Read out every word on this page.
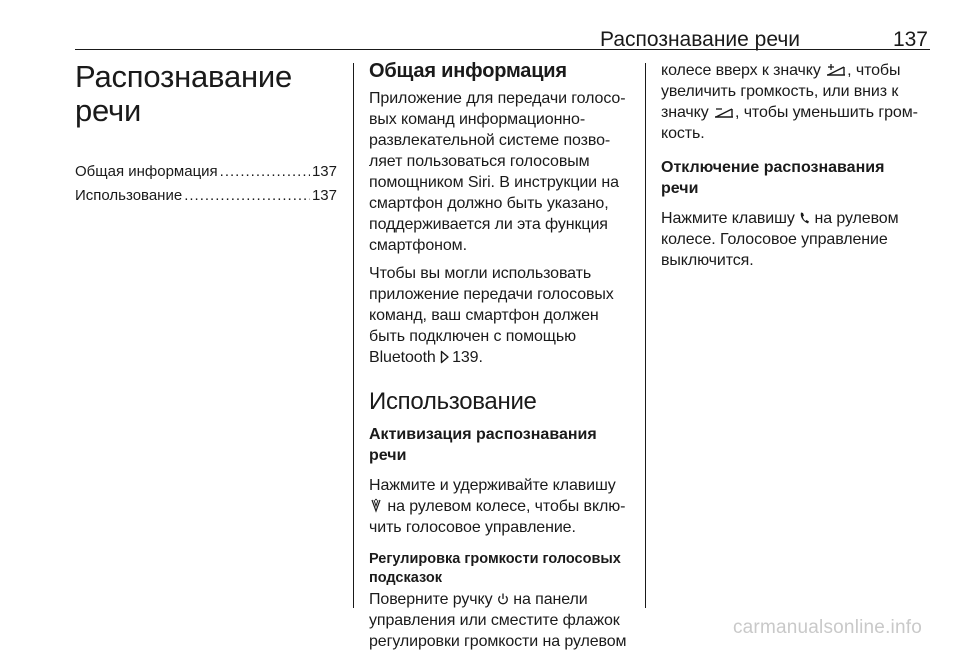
Распознавание речи	137
Распознавание
речи
Общая информация .....	137
Использование .....	137
Общая информация

Приложение для передачи голосо-
вых команд информационно-
развлекательной системе позво-
ляет пользоваться голосовым
помощником Siri. В инструкции на
смартфон должно быть указано,
поддерживается ли эта функция
смартфоном.

Чтобы вы могли использовать
приложение передачи голосовых
команд, ваш смартфон должен
быть подключен с помощью
Bluetooth 139.

Использование
Активизация распознавания
речи

Нажмите и удерживайте клавишу
на рулевом колесе, чтобы вклю-
чить голосовое управление.

Регулировка громкости голосовых
подсказок

Поверните ручку на панели
управления или сместите флажок
регулировки громкости на рулевом

колесе вверх к значку , чтобы
увеличить громкость, или вниз к
значку , чтобы уменьшить гром-
кость.

Отключение распознавания
речи

Нажмите клавишу на рулевом
колесе. Голосовое управление
выключится.

carmanualsonline.info
